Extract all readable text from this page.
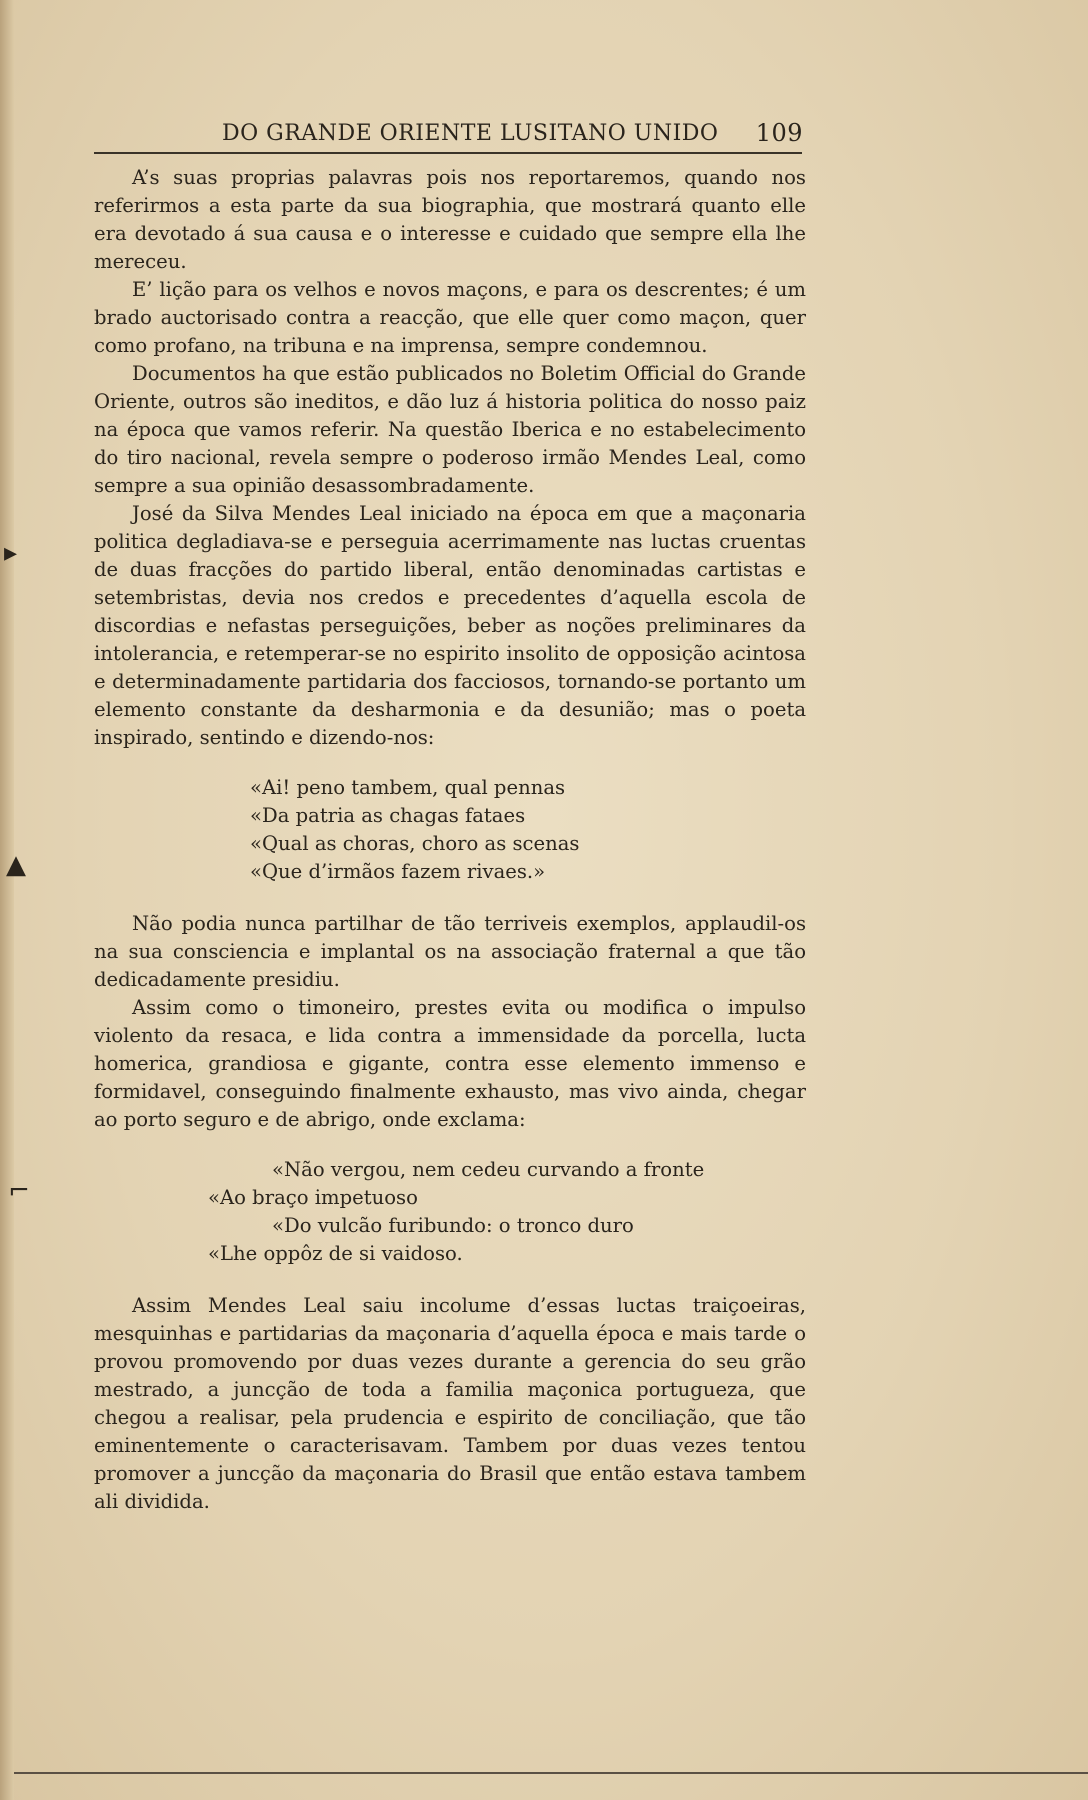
▸
▲
⌐
DO GRANDE ORIENTE LUSITANO UNIDO 109

A’s suas proprias palavras pois nos reportaremos, quando nos referirmos a esta parte da sua biographia, que mostrará quanto elle era devotado á sua causa e o interesse e cuidado que sempre ella lhe mereceu.

E’ lição para os velhos e novos maçons, e para os descrentes; é um brado auctorisado contra a reacção, que elle quer como maçon, quer como profano, na tribuna e na imprensa, sempre condemnou.

Documentos ha que estão publicados no Boletim Official do Grande Oriente, outros são ineditos, e dão luz á historia politica do nosso paiz na época que vamos referir. Na questão Iberica e no estabelecimento do tiro nacional, revela sempre o poderoso irmão Mendes Leal, como sempre a sua opinião desassombradamente.

José da Silva Mendes Leal iniciado na época em que a maçonaria politica degladiava-se e perseguia acerrimamente nas luctas cruentas de duas fracções do partido liberal, então denominadas cartistas e setembristas, devia nos credos e precedentes d’aquella escola de discordias e nefastas perseguições, beber as noções preliminares da intolerancia, e retemperar-se no espirito insolito de opposição acintosa e determinadamente partidaria dos facciosos, tornando-se portanto um elemento constante da desharmonia e da desunião; mas o poeta inspirado, sentindo e dizendo-nos:

«Ai! peno tambem, qual pennas

«Da patria as chagas fataes

«Qual as choras, choro as scenas

«Que d’irmãos fazem rivaes.»

Não podia nunca partilhar de tão terriveis exemplos, applaudil-os na sua consciencia e implantal os na associação fraternal a que tão dedicadamente presidiu.

Assim como o timoneiro, prestes evita ou modifica o impulso violento da resaca, e lida contra a immensidade da porcella, lucta homerica, grandiosa e gigante, contra esse elemento immenso e formidavel, conseguindo finalmente exhausto, mas vivo ainda, chegar ao porto seguro e de abrigo, onde exclama:

«Não vergou, nem cedeu curvando a fronte

«Ao braço impetuoso

«Do vulcão furibundo: o tronco duro

«Lhe oppôz de si vaidoso.

Assim Mendes Leal saiu incolume d’essas luctas traiçoeiras, mesquinhas e partidarias da maçonaria d’aquella época e mais tarde o provou promovendo por duas vezes durante a gerencia do seu grão mestrado, a juncção de toda a familia maçonica portugueza, que chegou a realisar, pela prudencia e espirito de conciliação, que tão eminentemente o caracterisavam. Tambem por duas vezes tentou promover a juncção da maçonaria do Brasil que então estava tambem ali dividida.
